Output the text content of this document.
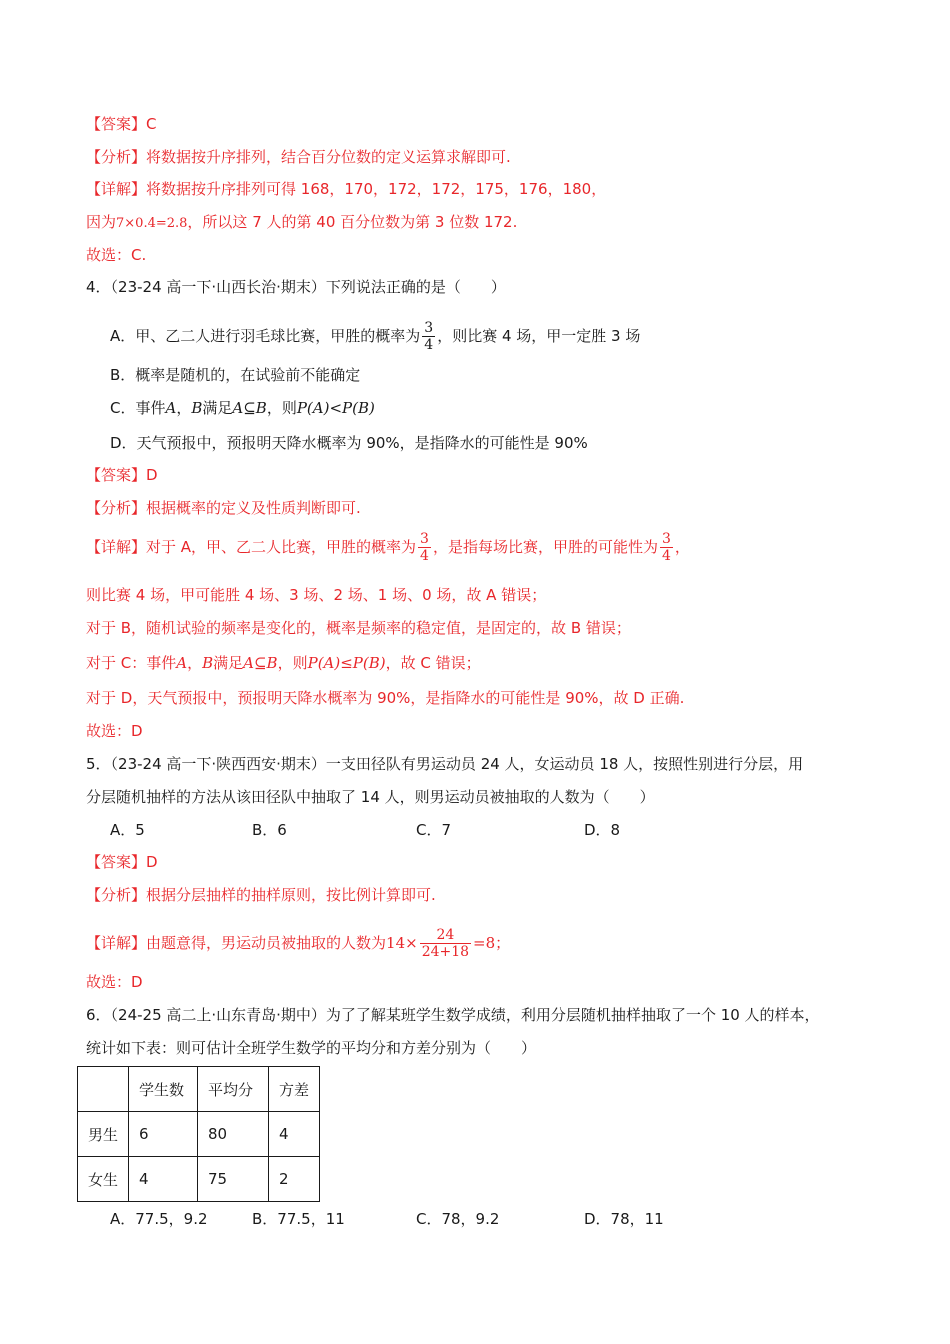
【答案】C
【分析】将数据按升序排列，结合百分位数的定义运算求解即可.
【详解】将数据按升序排列可得 168，170，172，172，175，176，180，
因为7×0.4=2.8，所以这 7 人的第 40 百分位数为第 3 位数 172.
故选：C.
4．（23-24 高一下·山西长治·期末）下列说法正确的是（　　）
A．甲、乙二人进行羽毛球比赛，甲胜的概率为 $\frac{3}{4}$ ，则比赛 4 场，甲一定胜 3 场
B．概率是随机的，在试验前不能确定
C．事件A，B满足A⊆B，则P(A)<P(B)
D．天气预报中，预报明天降水概率为 90%，是指降水的可能性是 90%
【答案】D
【分析】根据概率的定义及性质判断即可.
【详解】对于 A，甲、乙二人比赛，甲胜的概率为 $\frac{3}{4}$ ，是指每场比赛，甲胜的可能性为 $\frac{3}{4}$ ，
则比赛 4 场，甲可能胜 4 场、3 场、2 场、1 场、0 场，故 A 错误；
对于 B，随机试验的频率是变化的，概率是频率的稳定值，是固定的，故 B 错误；
对于 C：事件A，B满足A⊆B，则P(A)≤P(B)，故 C 错误；
对于 D，天气预报中，预报明天降水概率为 90%，是指降水的可能性是 90%，故 D 正确.
故选：D
5．（23-24 高一下·陕西西安·期末）一支田径队有男运动员 24 人，女运动员 18 人，按照性别进行分层，用
分层随机抽样的方法从该田径队中抽取了 14 人，则男运动员被抽取的人数为（　　）
A．5	B．6	C．7	D．8
【答案】D
【分析】根据分层抽样的抽样原则，按比例计算即可.
【详解】由题意得，男运动员被抽取的人数为$14\times \frac{24}{24+18} =8$；
故选：D
6．（24-25 高二上·山东青岛·期中）为了了解某班学生数学成绩，利用分层随机抽样抽取了一个 10 人的样本，
统计如下表：则可估计全班学生数学的平均分和方差分别为（　　）
	学生数	平均分	方差
男生	6	80	4
女生	4	75	2
A．77.5，9.2	B．77.5，11	C．78，9.2	D．78，11
